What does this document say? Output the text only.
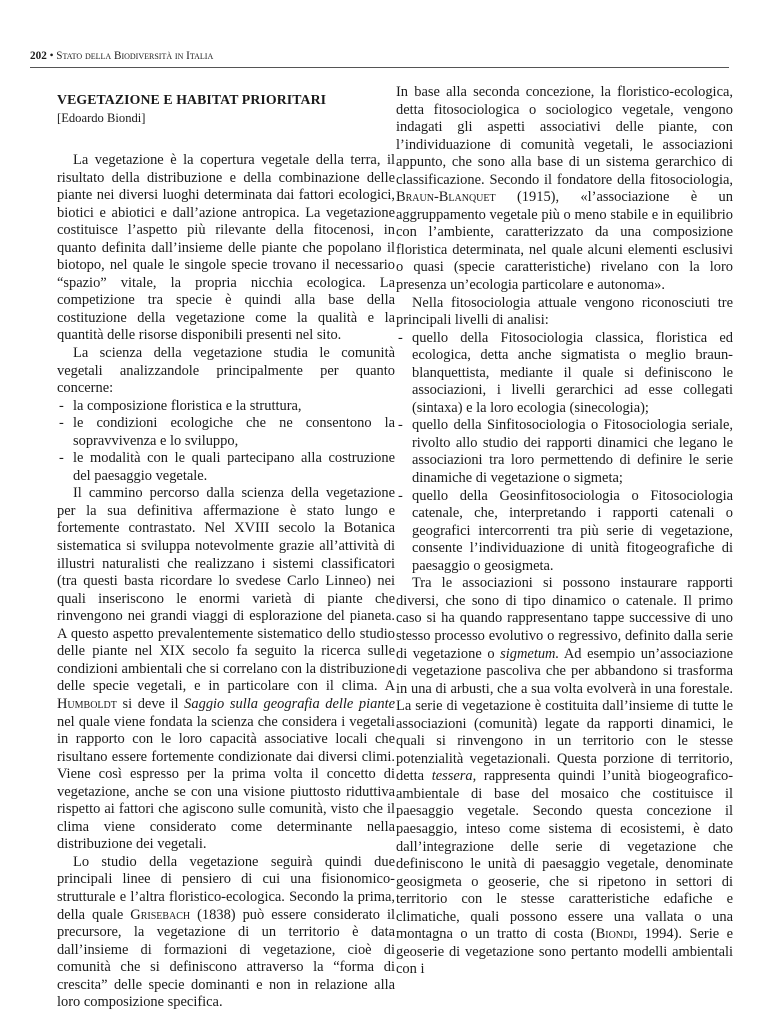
202 • Stato della Biodiversità in Italia
VEGETAZIONE E HABITAT PRIORITARI
[Edoardo Biondi]

La vegetazione è la copertura vegetale della terra, il risultato della distribuzione e della combinazione delle piante nei diversi luoghi determinata dai fattori ecologici, biotici e abiotici e dall’azione antropica. La vegetazione costituisce l’aspetto più rilevante della fitocenosi, in quanto definita dall’insieme delle piante che popolano il biotopo, nel quale le singole specie trovano il necessario “spazio” vitale, la propria nicchia ecologica. La competizione tra specie è quindi alla base della costituzione della vegetazione come la qualità e la quantità delle risorse disponibili presenti nel sito.

La scienza della vegetazione studia le comunità vegetali analizzandole principalmente per quanto concerne:

- la composizione floristica e la struttura,
- le condizioni ecologiche che ne consentono la sopravvivenza e lo sviluppo,
- le modalità con le quali partecipano alla costruzione del paesaggio vegetale.

Il cammino percorso dalla scienza della vegetazione per la sua definitiva affermazione è stato lungo e fortemente contrastato. Nel XVIII secolo la Botanica sistematica si sviluppa notevolmente grazie all’attività di illustri naturalisti che realizzano i sistemi classificatori (tra questi basta ricordare lo svedese Carlo Linneo) nei quali inseriscono le enormi varietà di piante che rinvengono nei grandi viaggi di esplorazione del pianeta. A questo aspetto prevalentemente sistematico dello studio delle piante nel XIX secolo fa seguito la ricerca sulle condizioni ambientali che si correlano con la distribuzione delle specie vegetali, e in particolare con il clima. A Humboldt si deve il Saggio sulla geografia delle piante nel quale viene fondata la scienza che considera i vegetali in rapporto con le loro capacità associative locali che risultano essere fortemente condizionate dai diversi climi. Viene così espresso per la prima volta il concetto di vegetazione, anche se con una visione piuttosto riduttiva rispetto ai fattori che agiscono sulle comunità, visto che il clima viene considerato come determinante nella distribuzione dei vegetali.

Lo studio della vegetazione seguirà quindi due principali linee di pensiero di cui una fisionomico-strutturale e l’altra floristico-ecologica. Secondo la prima, della quale Grisebach (1838) può essere considerato il precursore, la vegetazione di un territorio è data dall’insieme di formazioni di vegetazione, cioè di comunità che si definiscono attraverso la “forma di crescita” delle specie dominanti e non in relazione alla loro composizione specifica.

In base alla seconda concezione, la floristico-ecologica, detta fitosociologica o sociologico vegetale, vengono indagati gli aspetti associativi delle piante, con l’individuazione di comunità vegetali, le associazioni appunto, che sono alla base di un sistema gerarchico di classificazione. Secondo il fondatore della fitosociologia, Braun-Blanquet (1915), «l’associazione è un aggruppamento vegetale più o meno stabile e in equilibrio con l’ambiente, caratterizzato da una composizione floristica determinata, nel quale alcuni elementi esclusivi o quasi (specie caratteristiche) rivelano con la loro presenza un’ecologia particolare e autonoma».

Nella fitosociologia attuale vengono riconosciuti tre principali livelli di analisi:

- quello della Fitosociologia classica, floristica ed ecologica, detta anche sigmatista o meglio braun-blanquettista, mediante il quale si definiscono le associazioni, i livelli gerarchici ad esse collegati (sintaxa) e la loro ecologia (sinecologia);
- quello della Sinfitosociologia o Fitosociologia seriale, rivolto allo studio dei rapporti dinamici che legano le associazioni tra loro permettendo di definire le serie dinamiche di vegetazione o sigmeta;
- quello della Geosinfitosociologia o Fitosociologia catenale, che, interpretando i rapporti catenali o geografici intercorrenti tra più serie di vegetazione, consente l’individuazione di unità fitogeografiche di paesaggio o geosigmeta.

Tra le associazioni si possono instaurare rapporti diversi, che sono di tipo dinamico o catenale. Il primo caso si ha quando rappresentano tappe successive di uno stesso processo evolutivo o regressivo, definito dalla serie di vegetazione o sigmetum. Ad esempio un’associazione di vegetazione pascoliva che per abbandono si trasforma in una di arbusti, che a sua volta evolverà in una forestale. La serie di vegetazione è costituita dall’insieme di tutte le associazioni (comunità) legate da rapporti dinamici, le quali si rinvengono in un territorio con le stesse potenzialità vegetazionali. Questa porzione di territorio, detta tessera, rappresenta quindi l’unità biogeografico-ambientale di base del mosaico che costituisce il paesaggio vegetale. Secondo questa concezione il paesaggio, inteso come sistema di ecosistemi, è dato dall’integrazione delle serie di vegetazione che definiscono le unità di paesaggio vegetale, denominate geosigmeta o geoserie, che si ripetono in settori di territorio con le stesse caratteristiche edafiche e climatiche, quali possono essere una vallata o una montagna o un tratto di costa (Biondi, 1994). Serie e geoserie di vegetazione sono pertanto modelli ambientali con i
